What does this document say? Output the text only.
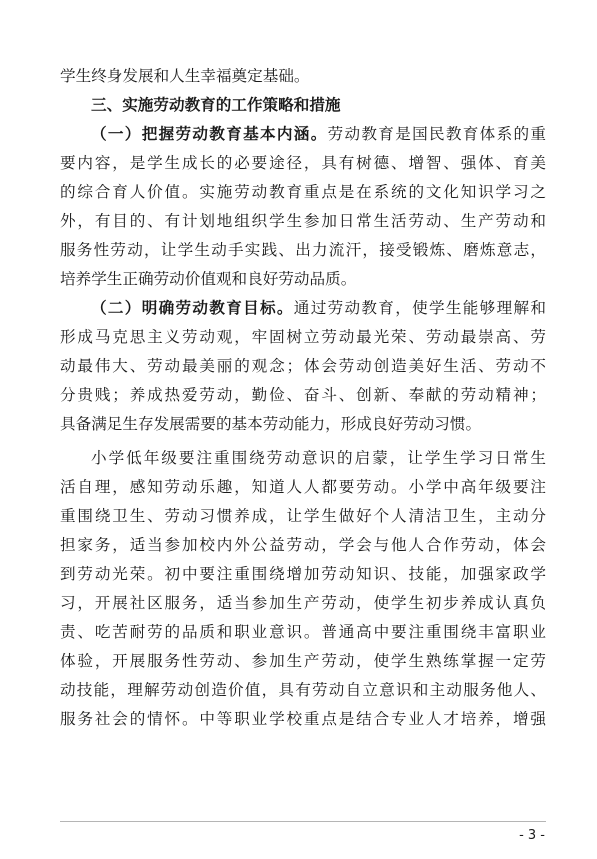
学生终身发展和人生幸福奠定基础。
三、实施劳动教育的工作策略和措施
（一）把握劳动教育基本内涵。劳动教育是国民教育体系的重
要内容，是学生成长的必要途径，具有树德、增智、强体、育美
的综合育人价值。实施劳动教育重点是在系统的文化知识学习之
外，有目的、有计划地组织学生参加日常生活劳动、生产劳动和
服务性劳动，让学生动手实践、出力流汗，接受锻炼、磨炼意志，
培养学生正确劳动价值观和良好劳动品质。
（二）明确劳动教育目标。通过劳动教育，使学生能够理解和
形成马克思主义劳动观，牢固树立劳动最光荣、劳动最崇高、劳
动最伟大、劳动最美丽的观念；体会劳动创造美好生活、劳动不
分贵贱；养成热爱劳动，勤俭、奋斗、创新、奉献的劳动精神；
具备满足生存发展需要的基本劳动能力，形成良好劳动习惯。
小学低年级要注重围绕劳动意识的启蒙，让学生学习日常生
活自理，感知劳动乐趣，知道人人都要劳动。小学中高年级要注
重围绕卫生、劳动习惯养成，让学生做好个人清洁卫生，主动分
担家务，适当参加校内外公益劳动，学会与他人合作劳动，体会
到劳动光荣。初中要注重围绕增加劳动知识、技能，加强家政学
习，开展社区服务，适当参加生产劳动，使学生初步养成认真负
责、吃苦耐劳的品质和职业意识。普通高中要注重围绕丰富职业
体验，开展服务性劳动、参加生产劳动，使学生熟练掌握一定劳
动技能，理解劳动创造价值，具有劳动自立意识和主动服务他人、
服务社会的情怀。中等职业学校重点是结合专业人才培养，增强
- 3 -
